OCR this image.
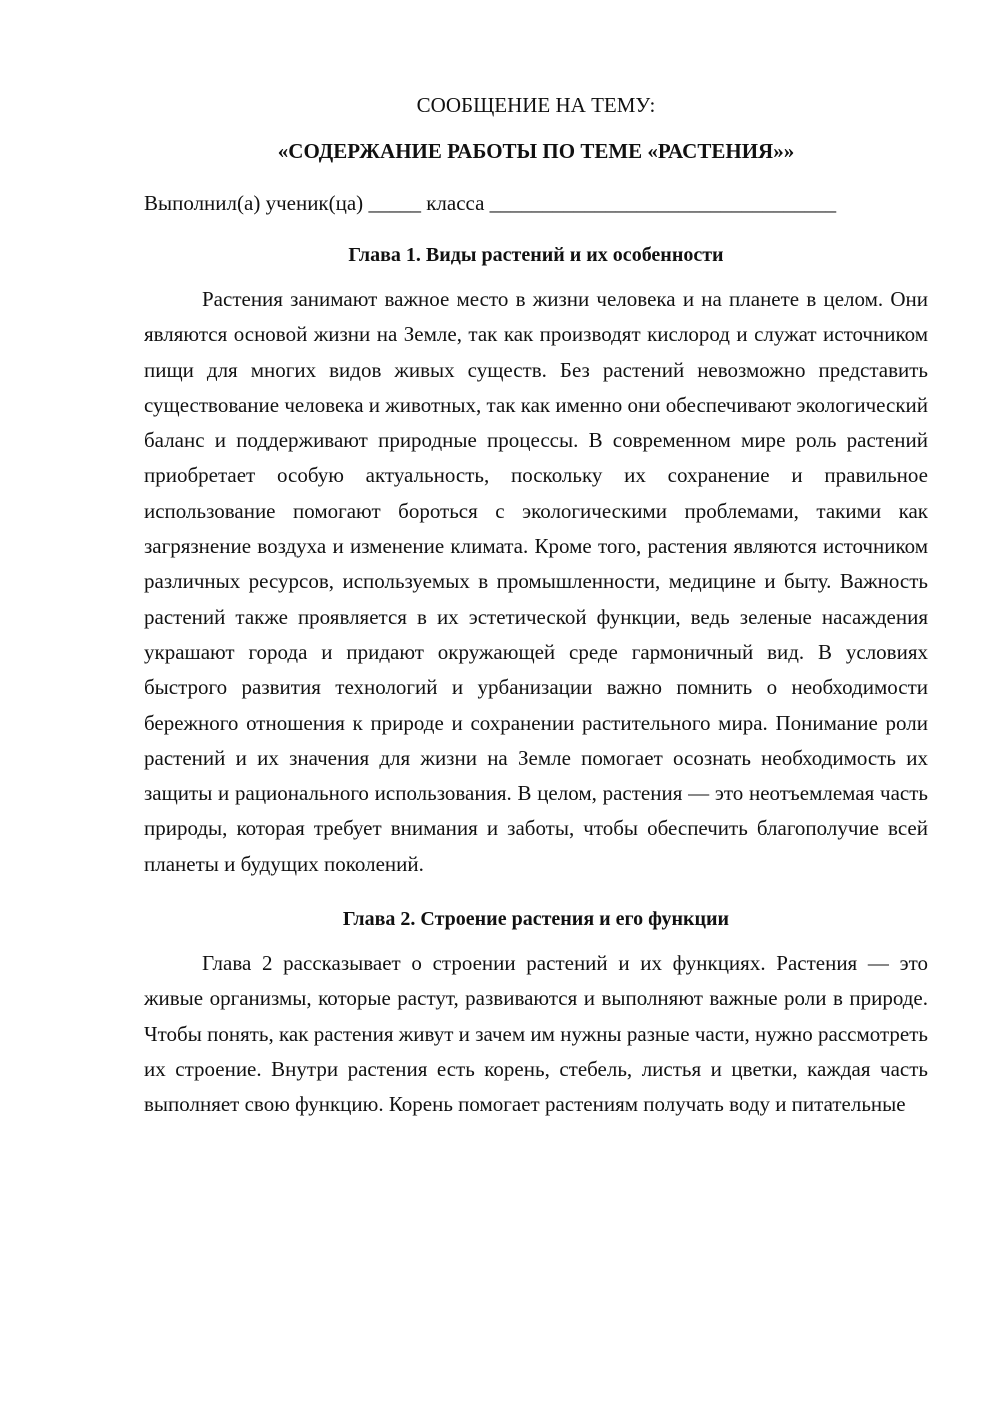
СООБЩЕНИЕ НА ТЕМУ:

«СОДЕРЖАНИЕ РАБОТЫ ПО ТЕМЕ «РАСТЕНИЯ»»

Выполнил(а) ученик(ца) _____ класса _________________________________

Глава 1. Виды растений и их особенности

Растения занимают важное место в жизни человека и на планете в целом. Они являются основой жизни на Земле, так как производят кислород и служат источником пищи для многих видов живых существ. Без растений невозможно представить существование человека и животных, так как именно они обеспечивают экологический баланс и поддерживают природные процессы. В современном мире роль растений приобретает особую актуальность, поскольку их сохранение и правильное использование помогают бороться с экологическими проблемами, такими как загрязнение воздуха и изменение климата. Кроме того, растения являются источником различных ресурсов, используемых в промышленности, медицине и быту. Важность растений также проявляется в их эстетической функции, ведь зеленые насаждения украшают города и придают окружающей среде гармоничный вид. В условиях быстрого развития технологий и урбанизации важно помнить о необходимости бережного отношения к природе и сохранении растительного мира. Понимание роли растений и их значения для жизни на Земле помогает осознать необходимость их защиты и рационального использования. В целом, растения — это неотъемлемая часть природы, которая требует внимания и заботы, чтобы обеспечить благополучие всей планеты и будущих поколений.

Глава 2. Строение растения и его функции

Глава 2 рассказывает о строении растений и их функциях. Растения — это живые организмы, которые растут, развиваются и выполняют важные роли в природе. Чтобы понять, как растения живут и зачем им нужны разные части, нужно рассмотреть их строение. Внутри растения есть корень, стебель, листья и цветки, каждая часть выполняет свою функцию. Корень помогает растениям получать воду и питательные
